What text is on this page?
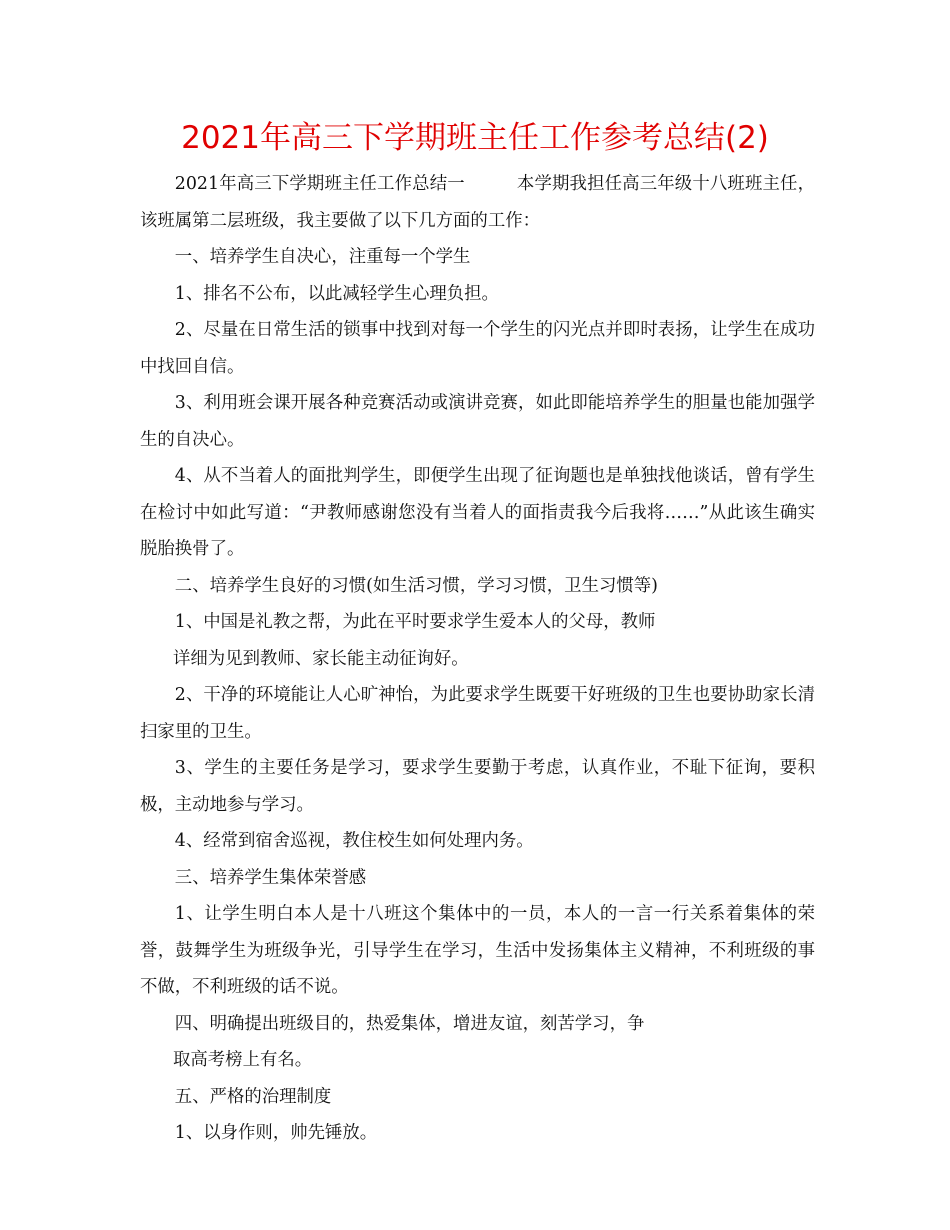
2021年高三下学期班主任工作参考总结(2)

2021年高三下学期班主任工作总结一	本学期我担任高三年级十八班班主任，该班属第二层班级，我主要做了以下几方面的工作：

一、培养学生自决心，注重每一个学生

1、排名不公布，以此减轻学生心理负担。

2、尽量在日常生活的锁事中找到对每一个学生的闪光点并即时表扬，让学生在成功中找回自信。

3、利用班会课开展各种竞赛活动或演讲竞赛，如此即能培养学生的胆量也能加强学生的自决心。

4、从不当着人的面批判学生，即便学生出现了征询题也是单独找他谈话，曾有学生在检讨中如此写道：“尹教师感谢您没有当着人的面指责我今后我将……”从此该生确实脱胎换骨了。

二、培养学生良好的习惯(如生活习惯，学习习惯，卫生习惯等)

1、中国是礼教之帮，为此在平时要求学生爱本人的父母，教师

详细为见到教师、家长能主动征询好。

2、干净的环境能让人心旷神怡，为此要求学生既要干好班级的卫生也要协助家长清扫家里的卫生。

3、学生的主要任务是学习，要求学生要勤于考虑，认真作业，不耻下征询，要积极，主动地参与学习。

4、经常到宿舍巡视，教住校生如何处理内务。

三、培养学生集体荣誉感

1、让学生明白本人是十八班这个集体中的一员，本人的一言一行关系着集体的荣誉，鼓舞学生为班级争光，引导学生在学习，生活中发扬集体主义精神，不利班级的事不做，不利班级的话不说。

四、明确提出班级目的，热爱集体，增进友谊，刻苦学习，争

取高考榜上有名。

五、严格的治理制度

1、以身作则，帅先锤放。
